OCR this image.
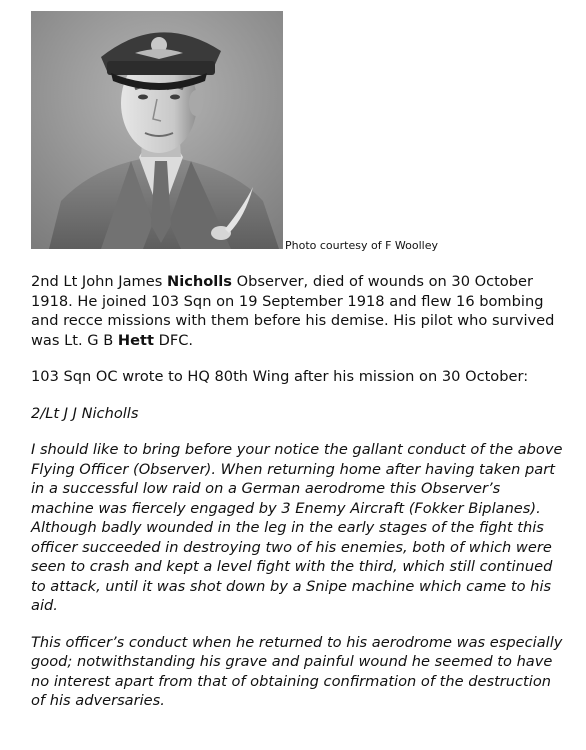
Photo courtesy of F Woolley

2nd Lt John James Nicholls Observer, died of wounds on 30 October 1918. He joined 103 Sqn on 19 September 1918 and flew 16 bombing and recce missions with them before his demise. His pilot who survived was Lt. G B Hett DFC.

103 Sqn OC wrote to HQ 80th Wing after his mission on 30 October:

2/Lt J J Nicholls

I should like to bring before your notice the gallant conduct of the above Flying Officer (Observer). When returning home after having taken part in a successful low raid on a German aerodrome this Observer’s machine was fiercely engaged by 3 Enemy Aircraft (Fokker Biplanes). Although badly wounded in the leg in the early stages of the fight this officer succeeded in destroying two of his enemies, both of which were seen to crash and kept a level fight with the third, which still continued to attack, until it was shot down by a Snipe machine which came to his aid.

This officer’s conduct when he returned to his aerodrome was especially good; notwithstanding his grave and painful wound he seemed to have no interest apart from that of obtaining confirmation of the destruction of his adversaries.
